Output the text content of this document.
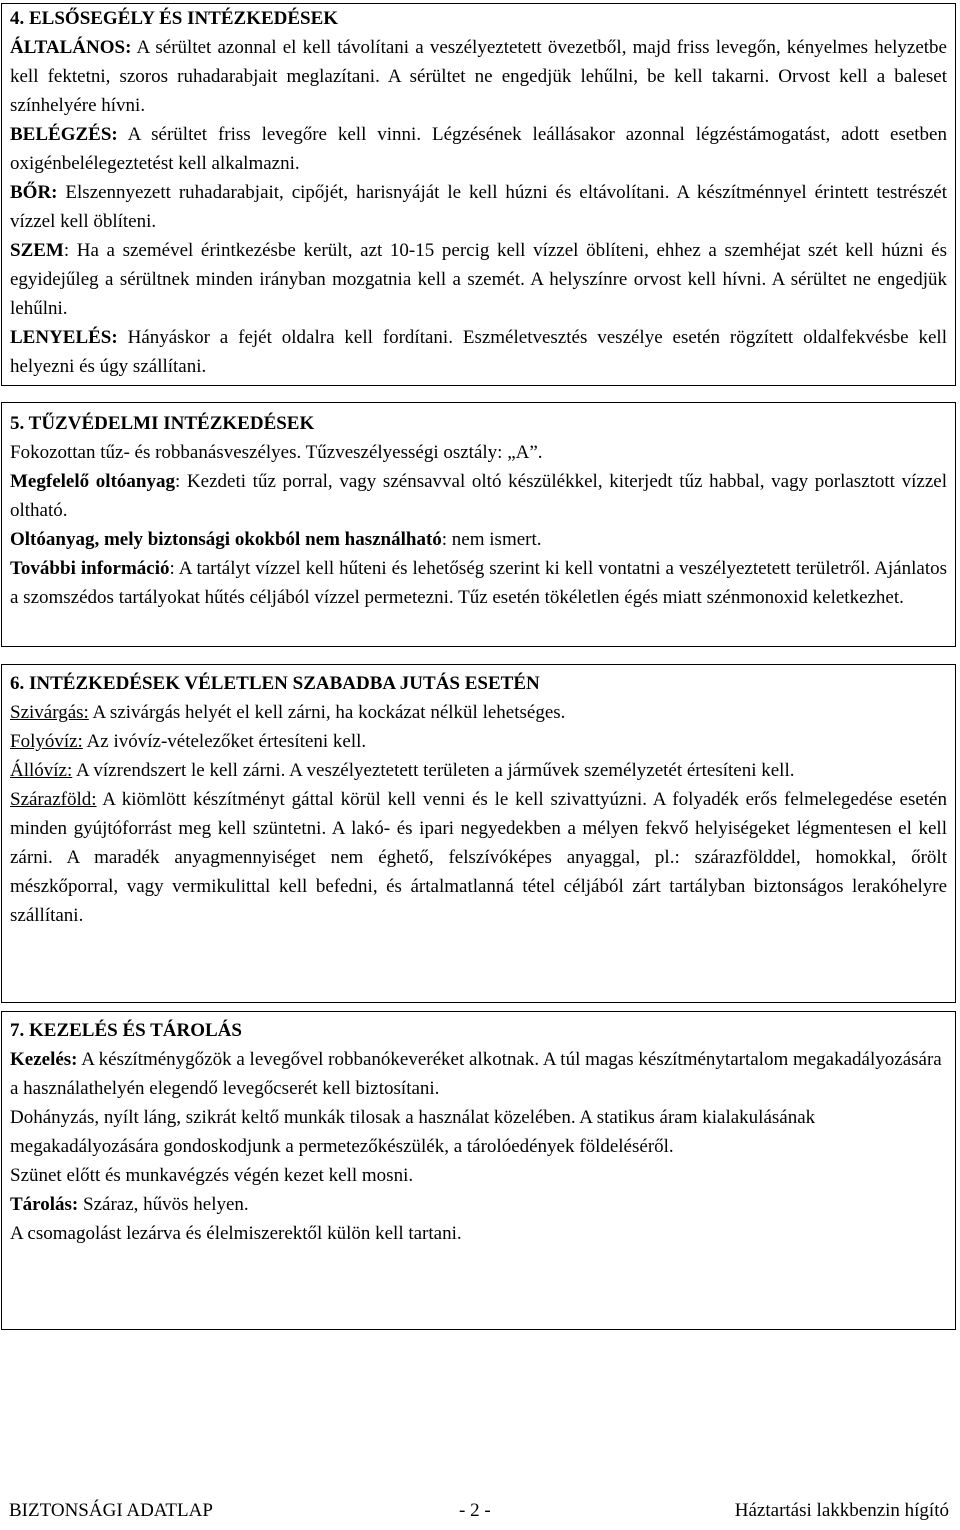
4. ELSŐSEGÉLY ÉS INTÉZKEDÉSEK

ÁLTALÁNOS: A sérültet azonnal el kell távolítani a veszélyeztetett övezetből, majd friss levegőn, kényelmes helyzetbe kell fektetni, szoros ruhadarabjait meglazítani. A sérültet ne engedjük lehűlni, be kell takarni. Orvost kell a baleset színhelyére hívni.

BELÉGZÉS: A sérültet friss levegőre kell vinni. Légzésének leállásakor azonnal légzéstámogatást, adott esetben oxigénbelélegeztetést kell alkalmazni.

BŐR: Elszennyezett ruhadarabjait, cipőjét, harisnyáját le kell húzni és eltávolítani. A készítménnyel érintett testrészét vízzel kell öblíteni.

SZEM: Ha a szemével érintkezésbe került, azt 10-15 percig kell vízzel öblíteni, ehhez a szemhéjat szét kell húzni és egyidejűleg a sérültnek minden irányban mozgatnia kell a szemét. A helyszínre orvost kell hívni. A sérültet ne engedjük lehűlni.

LENYELÉS: Hányáskor a fejét oldalra kell fordítani. Eszméletvesztés veszélye esetén rögzített oldalfekvésbe kell helyezni és úgy szállítani.

5. TŰZVÉDELMI INTÉZKEDÉSEK

Fokozottan tűz- és robbanásveszélyes. Tűzveszélyességi osztály: „A”.

Megfelelő oltóanyag: Kezdeti tűz porral, vagy szénsavval oltó készülékkel, kiterjedt tűz habbal, vagy porlasztott vízzel oltható.

Oltóanyag, mely biztonsági okokból nem használható: nem ismert.

További információ: A tartályt vízzel kell hűteni és lehetőség szerint ki kell vontatni a veszélyeztetett területről. Ajánlatos a szomszédos tartályokat hűtés céljából vízzel permetezni. Tűz esetén tökéletlen égés miatt szénmonoxid keletkezhet.

6. INTÉZKEDÉSEK VÉLETLEN SZABADBA JUTÁS ESETÉN

Szivárgás: A szivárgás helyét el kell zárni, ha kockázat nélkül lehetséges.

Folyóvíz: Az ivóvíz-vételezőket értesíteni kell.

Állóvíz: A vízrendszert le kell zárni. A veszélyeztetett területen a járművek személyzetét értesíteni kell.

Szárazföld: A kiömlött készítményt gáttal körül kell venni és le kell szivattyúzni. A folyadék erős felmelegedése esetén minden gyújtóforrást meg kell szüntetni. A lakó- és ipari negyedekben a mélyen fekvő helyiségeket légmentesen el kell zárni. A maradék anyagmennyiséget nem éghető, felszívóképes anyaggal, pl.: szárazfölddel, homokkal, őrölt mészkőporral, vagy vermikulittal kell befedni, és ártalmatlanná tétel céljából zárt tartályban biztonságos lerakóhelyre szállítani.

7. KEZELÉS ÉS TÁROLÁS

Kezelés: A készítménygőzök a levegővel robbanókeveréket alkotnak. A túl magas készítménytartalom megakadályozására a használathelyén elegendő levegőcserét kell biztosítani.

Dohányzás, nyílt láng, szikrát keltő munkák tilosak a használat közelében. A statikus áram kialakulásának megakadályozására gondoskodjunk a permetezőkészülék, a tárolóedények földeléséről.

Szünet előtt és munkavégzés végén kezet kell mosni.

Tárolás: Száraz, hűvös helyen.

A csomagolást lezárva és élelmiszerektől külön kell tartani.

BIZTONSÁGI ADATLAP	- 2 -	Háztartási lakkbenzin hígító
